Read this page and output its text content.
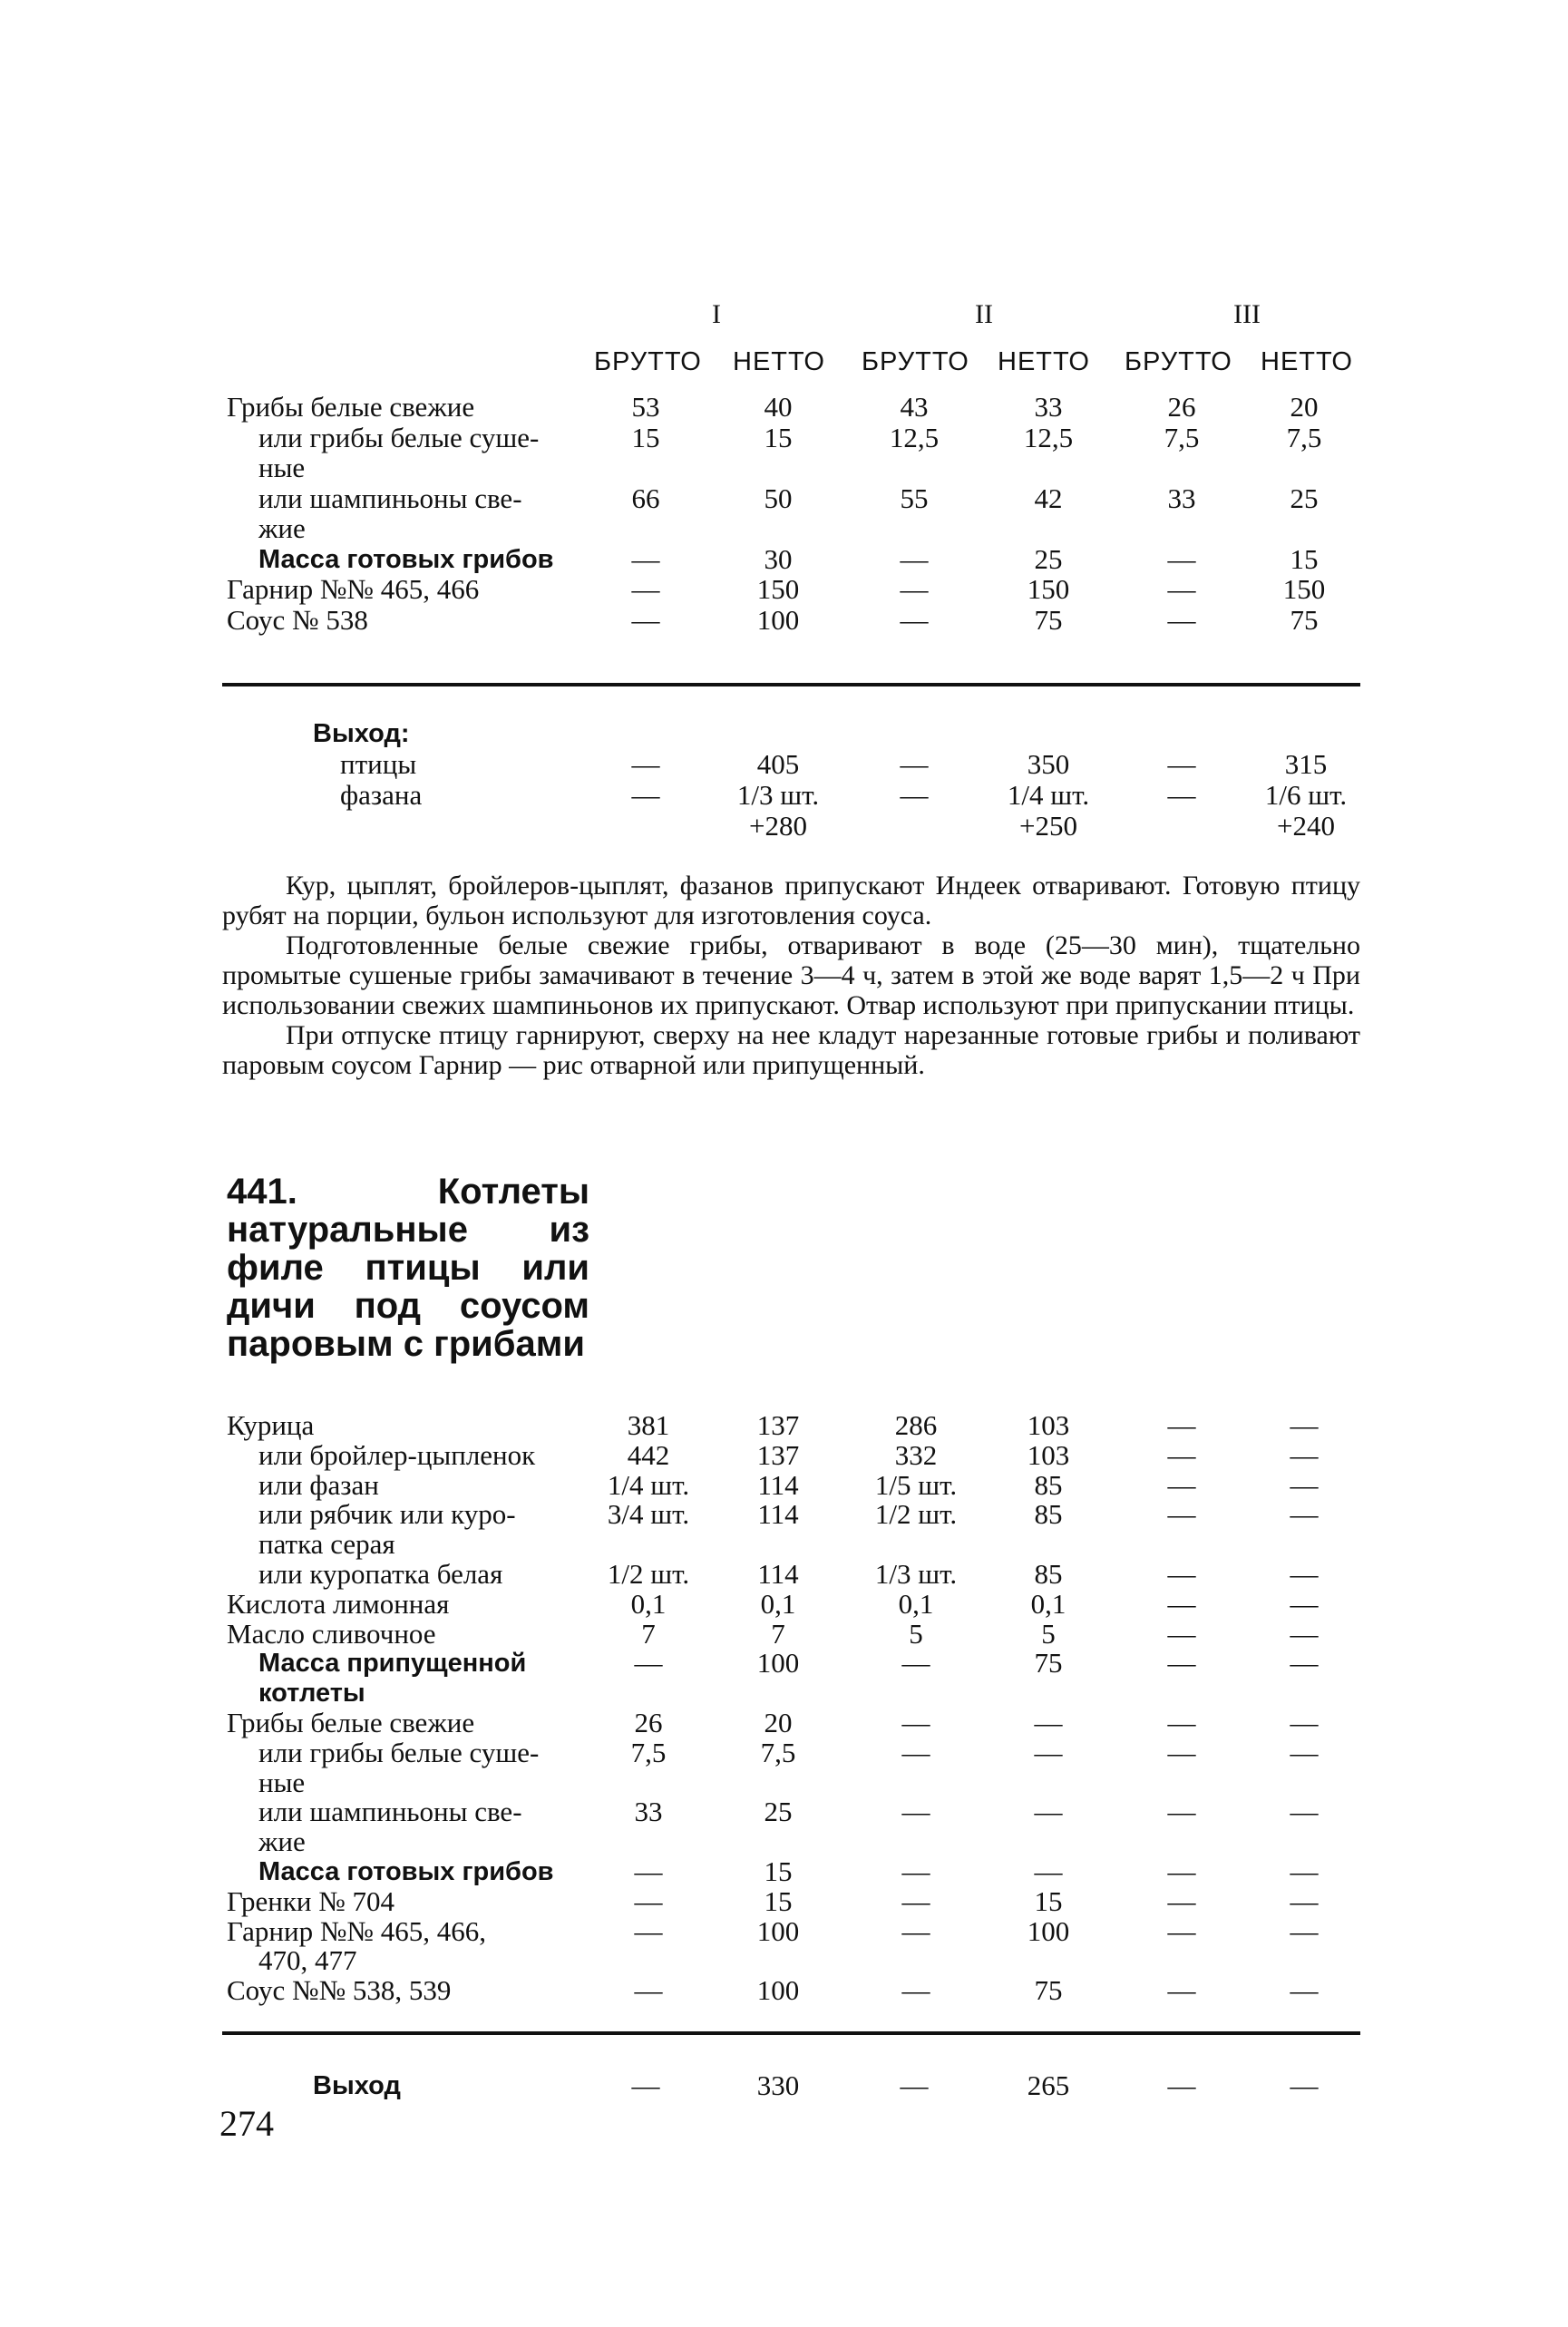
I	II	III
БРУТТО НЕТТО БРУТТО НЕТТО БРУТТО НЕТТО
Грибы белые свежие	53	40	43	33	26	20
или грибы белые суше-	15	15	12,5	12,5	7,5	7,5
ные
или шампиньоны све-	66	50	55	42	33	25
жие
Масса готовых грибов	—	30	—	25	—	15
Гарнир №№ 465, 466	—	150	—	150	—	150
Соус № 538	—	100	—	75	—	75
Выход:
птицы	—	405	—	350	—	315
фазана	—	1/3 шт.	—	1/4 шт.	—	1/6 шт.
+280	+250	+240

Кур, цыплят, бройлеров-цыплят, фазанов припускают Индеек отваривают. Готовую птицу рубят на порции, бульон используют для изготовления соуса.

Подготовленные белые свежие грибы, отваривают в воде (25—30 мин), тщательно промытые сушеные грибы замачивают в течение 3—4 ч, затем в этой же воде варят 1,5—2 ч При использовании свежих шампиньонов их припускают. Отвар используют при припускании птицы.

При отпуске птицу гарнируют, сверху на нее кладут нарезанные готовые грибы и поливают паровым соусом Гарнир — рис отварной или припущенный.

441. Котлеты натуральные из филе птицы или дичи под соусом паровым с грибами
Курица	381	137	286	103	—	—
или бройлер-цыпленок	442	137	332	103	—	—
или фазан	1/4 шт.	114	1/5 шт.	85	—	—
или рябчик или куро-	3/4 шт.	114	1/2 шт.	85	—	—
патка серая
или куропатка белая	1/2 шт.	114	1/3 шт.	85	—	—
Кислота лимонная	0,1	0,1	0,1	0,1	—	—
Масло сливочное	7	7	5	5	—	—
Масса припущенной	—	100	—	75	—	—
котлеты
Грибы белые свежие	26	20	—	—	—	—
или грибы белые суше-	7,5	7,5	—	—	—	—
ные
или шампиньоны све-	33	25	—	—	—	—
жие
Масса готовых грибов	—	15	—	—	—	—
Гренки № 704	—	15	—	15	—	—
Гарнир №№ 465, 466,	—	100	—	100	—	—
470, 477
Соус №№ 538, 539	—	100	—	75	—	—
Выход	—	330	—	265	—	—
274
